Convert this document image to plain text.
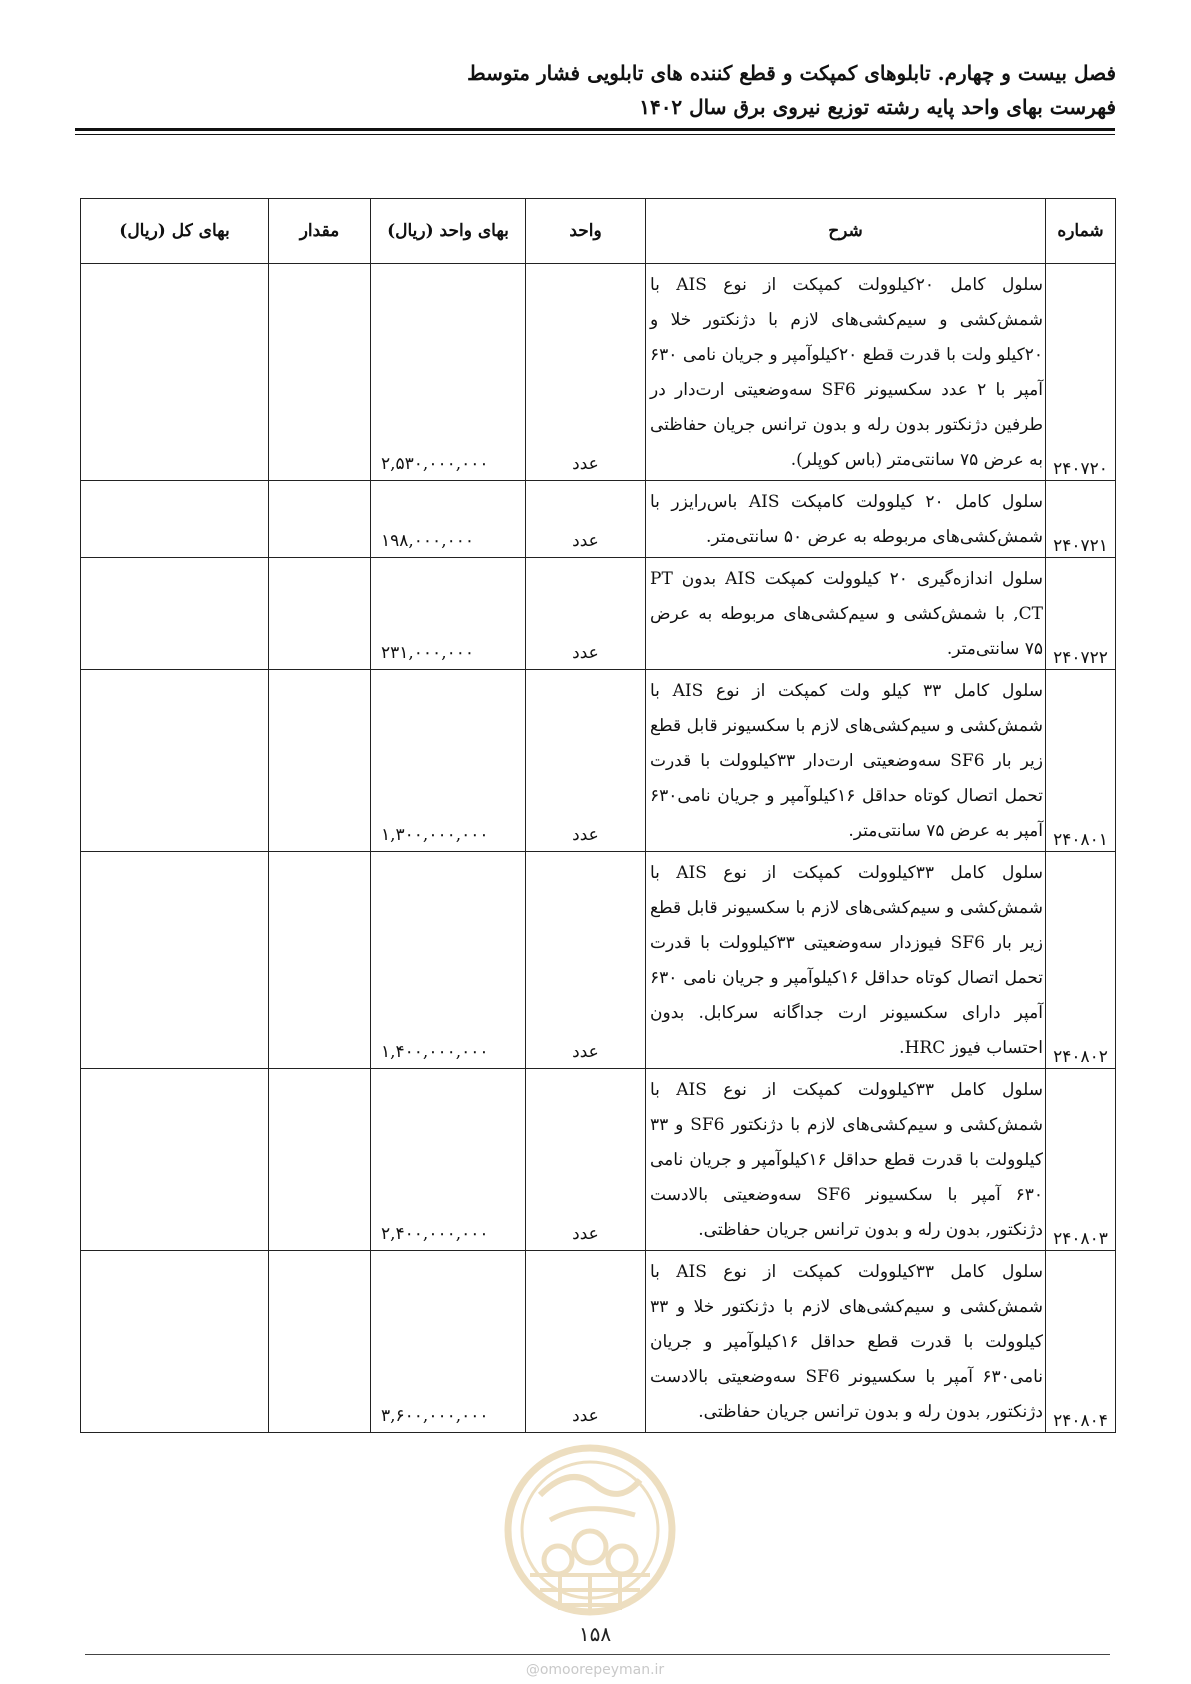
فصل بیست و چهارم. تابلوهای کمپکت و قطع کننده های تابلویی فشار متوسط
فهرست بهای واحد پایه رشته توزیع نیروی برق سال ۱۴۰۲
شماره	شرح	واحد	بهای واحد (ریال)	مقدار	بهای کل (ریال)
۲۴۰۷۲۰	سلول کامل ۲۰کیلوولت کمپکت از نوع AIS با شمش‌کشی و سیم‌کشی‌های لازم با دژنکتور خلا و ۲۰کیلو ولت با قدرت قطع ۲۰کیلوآمپر و جریان نامی ۶۳۰ آمپر با ۲ عدد سکسیونر SF6 سه‌وضعیتی ارت‌دار در طرفین دژنکتور بدون رله و بدون ترانس جریان حفاظتی به عرض ۷۵ سانتی‌متر (باس کوپلر).	عدد	۲,۵۳۰,۰۰۰,۰۰۰		
۲۴۰۷۲۱	سلول کامل ۲۰ کیلوولت کامپکت AIS باس‌رایزر با شمش‌کشی‌های مربوطه به عرض ۵۰ سانتی‌متر.	عدد	۱۹۸,۰۰۰,۰۰۰		
۲۴۰۷۲۲	سلول اندازه‌گیری ۲۰ کیلوولت کمپکت AIS بدون PT ,CT با شمش‌کشی و سیم‌کشی‌های مربوطه به عرض ۷۵ سانتی‌متر.	عدد	۲۳۱,۰۰۰,۰۰۰		
۲۴۰۸۰۱	سلول کامل ۳۳ کیلو ولت کمپکت از نوع AIS با شمش‌کشی و سیم‌کشی‌های لازم با سکسیونر قابل قطع زیر بار SF6 سه‌وضعیتی ارت‌دار ۳۳کیلوولت با قدرت تحمل اتصال کوتاه حداقل ۱۶کیلوآمپر و جریان نامی۶۳۰ آمپر به عرض ۷۵ سانتی‌متر.	عدد	۱,۳۰۰,۰۰۰,۰۰۰		
۲۴۰۸۰۲	سلول کامل ۳۳کیلوولت کمپکت از نوع AIS با شمش‌کشی و سیم‌کشی‌های لازم با سکسیونر قابل قطع زیر بار SF6 فیوزدار سه‌وضعیتی ۳۳کیلوولت با قدرت تحمل اتصال کوتاه حداقل ۱۶کیلوآمپر و جریان نامی ۶۳۰ آمپر دارای سکسیونر ارت جداگانه سرکابل. بدون احتساب فیوز HRC.	عدد	۱,۴۰۰,۰۰۰,۰۰۰		
۲۴۰۸۰۳	سلول کامل ۳۳کیلوولت کمپکت از نوع AIS با شمش‌کشی و سیم‌کشی‌های لازم با دژنکتور SF6 و ۳۳ کیلوولت با قدرت قطع حداقل ۱۶کیلوآمپر و جریان نامی ۶۳۰ آمپر با سکسیونر SF6 سه‌وضعیتی بالادست دژنکتور, بدون رله و بدون ترانس جریان حفاظتی.	عدد	۲,۴۰۰,۰۰۰,۰۰۰		
۲۴۰۸۰۴	سلول کامل ۳۳کیلوولت کمپکت از نوع AIS با شمش‌کشی و سیم‌کشی‌های لازم با دژنکتور خلا و ۳۳ کیلوولت با قدرت قطع حداقل ۱۶کیلوآمپر و جریان نامی۶۳۰ آمپر با سکسیونر SF6 سه‌وضعیتی بالادست دژنکتور, بدون رله و بدون ترانس جریان حفاظتی.	عدد	۳,۶۰۰,۰۰۰,۰۰۰		
۱۵۸
@omoorepeyman.ir
